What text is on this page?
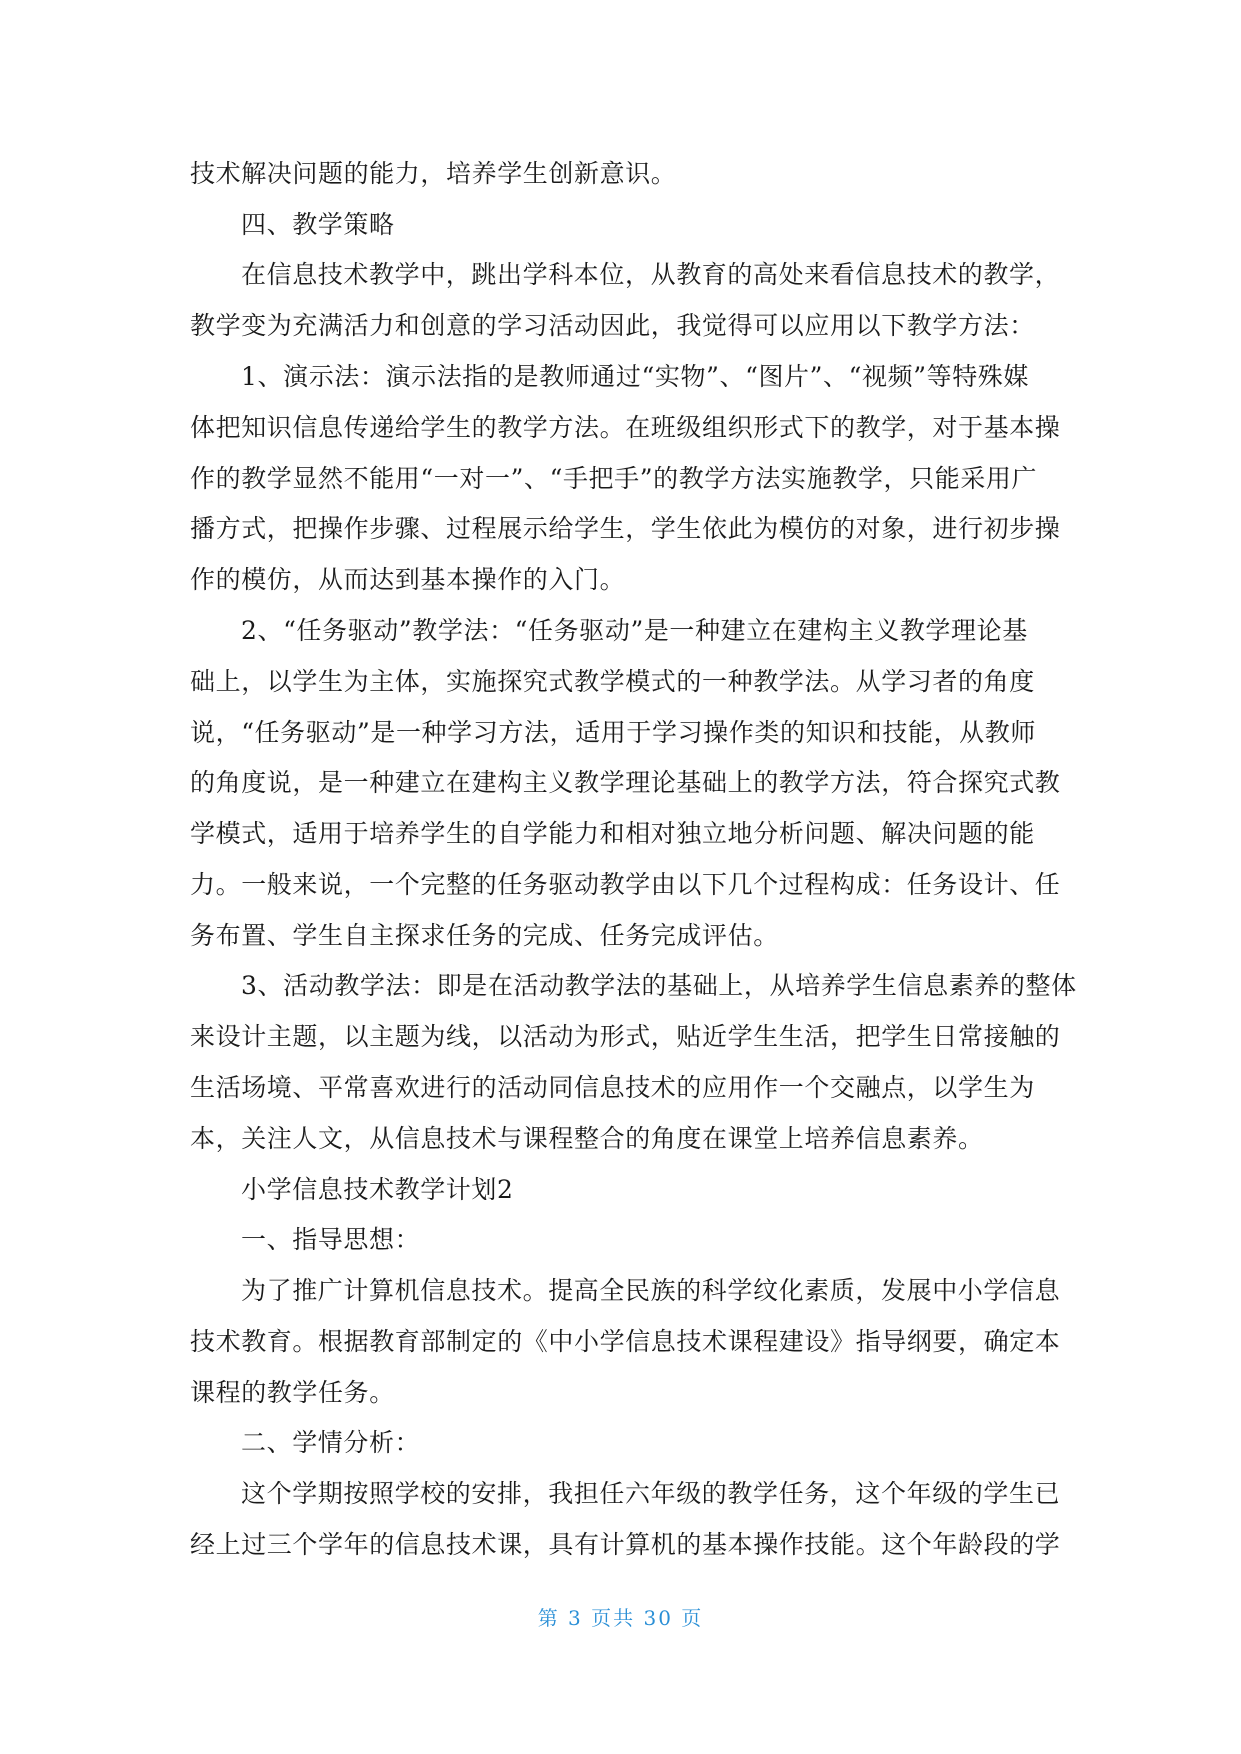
技术解决问题的能力，培养学生创新意识。
四、教学策略
在信息技术教学中，跳出学科本位，从教育的高处来看信息技术的教学，
教学变为充满活力和创意的学习活动因此，我觉得可以应用以下教学方法：
1、演示法：演示法指的是教师通过“实物”、“图片”、“视频”等特殊媒
体把知识信息传递给学生的教学方法。在班级组织形式下的教学，对于基本操
作的教学显然不能用“一对一”、“手把手”的教学方法实施教学，只能采用广
播方式，把操作步骤、过程展示给学生，学生依此为模仿的对象，进行初步操
作的模仿，从而达到基本操作的入门。
2、“任务驱动”教学法：“任务驱动”是一种建立在建构主义教学理论基
础上，以学生为主体，实施探究式教学模式的一种教学法。从学习者的角度
说，“任务驱动”是一种学习方法，适用于学习操作类的知识和技能，从教师
的角度说，是一种建立在建构主义教学理论基础上的教学方法，符合探究式教
学模式，适用于培养学生的自学能力和相对独立地分析问题、解决问题的能
力。一般来说，一个完整的任务驱动教学由以下几个过程构成：任务设计、任
务布置、学生自主探求任务的完成、任务完成评估。
3、活动教学法：即是在活动教学法的基础上，从培养学生信息素养的整体
来设计主题，以主题为线，以活动为形式，贴近学生生活，把学生日常接触的
生活场境、平常喜欢进行的活动同信息技术的应用作一个交融点，以学生为
本，关注人文，从信息技术与课程整合的角度在课堂上培养信息素养。
小学信息技术教学计划2
一、指导思想：
为了推广计算机信息技术。提高全民族的科学纹化素质，发展中小学信息
技术教育。根据教育部制定的《中小学信息技术课程建设》指导纲要，确定本
课程的教学任务。
二、学情分析：
这个学期按照学校的安排，我担任六年级的教学任务，这个年级的学生已
经上过三个学年的信息技术课，具有计算机的基本操作技能。这个年龄段的学
第 3 页共 30 页
